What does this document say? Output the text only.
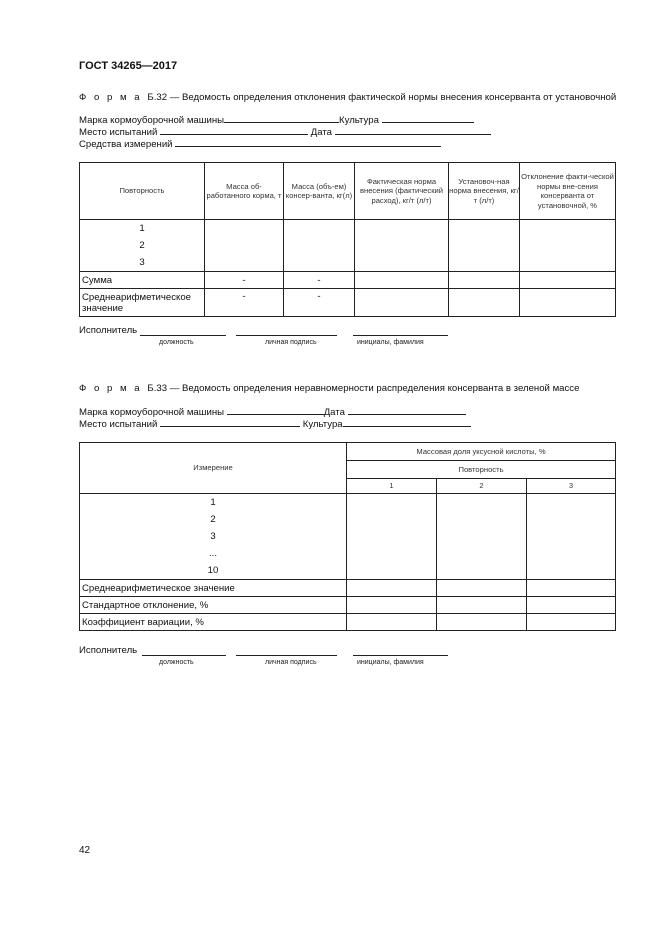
ГОСТ 34265—2017
Ф о р м а Б.32 — Ведомость определения отклонения фактической нормы внесения консерванта от установочной
Марка кормоуборочной машины	Культура
Место испытаний	Дата
Средства измерений
Повторность	Масса об-работанного корма, т	Масса (объ-ем) консер-ванта, кг(л)	Фактическая норма внесения (фактический расход), кг/т (л/т)	Установоч-ная норма внесения, кг/т (л/т)	Отклонение факти-ческой нормы вне-сения консерванта от установочной, %

1
2
3					

Сумма	-	-			
Среднеарифметическое значение	-	-			
Исполнитель
должность	личная подпись	инициалы, фамилия
Ф о р м а Б.33 — Ведомость определения неравномерности распределения консерванта в зеленой массе
Марка кормоуборочной машины	Дата
Место испытаний	Культура
Измерение	Массовая доля уксусной кислоты, %		
	Повторность		
	1	2	3

1
2
3
...
10			

Среднеарифметическое значение			
Стандартное отклонение, %			
Коэффициент вариации, %			
Исполнитель
должность	личная подпись	инициалы, фамилия
42
